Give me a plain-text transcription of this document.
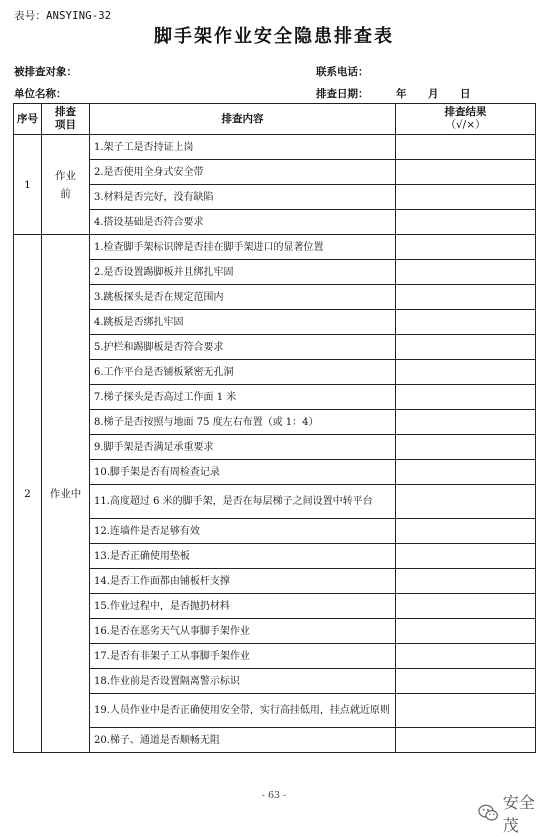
表号：ANSYING-32
脚手架作业安全隐患排查表
被排查对象：	联系电话：
单位名称：	排查日期：	年 月 日
序号	排查项目	排查内容	排查结果
（√/×）

1	作业前	1.架子工是否持证上岗	
		2.是否使用全身式安全带	
		3.材料是否完好，没有缺陷	
		4.搭设基础是否符合要求	
2	作业中	1.检查脚手架标识牌是否挂在脚手架进口的显著位置	
		2.是否设置踢脚板并且绑扎牢固	
		3.跳板探头是否在规定范围内	
		4.跳板是否绑扎牢固	
		5.护栏和踢脚板是否符合要求	
		6.工作平台是否铺板紧密无孔洞	
		7.梯子探头是否高过工作面 1 米	
		8.梯子是否按照与地面 75 度左右布置（或 1：4）	
		9.脚手架是否满足承重要求	
		10.脚手架是否有周检查记录	
		11.高度超过 6 米的脚手架，是否在每层梯子之间设置中转平台	
		12.连墙件是否足够有效	
		13.是否正确使用垫板	
		14.是否工作面都由铺板杆支撑	
		15.作业过程中，是否抛扔材料	
		16.是否在恶劣天气从事脚手架作业	
		17.是否有非架子工从事脚手架作业	
		18.作业前是否设置隔离警示标识	
		19.人员作业中是否正确使用安全带，实行高挂低用，挂点就近原则	
		20.梯子、通道是否顺畅无阻	
- 63 -	安全茂
